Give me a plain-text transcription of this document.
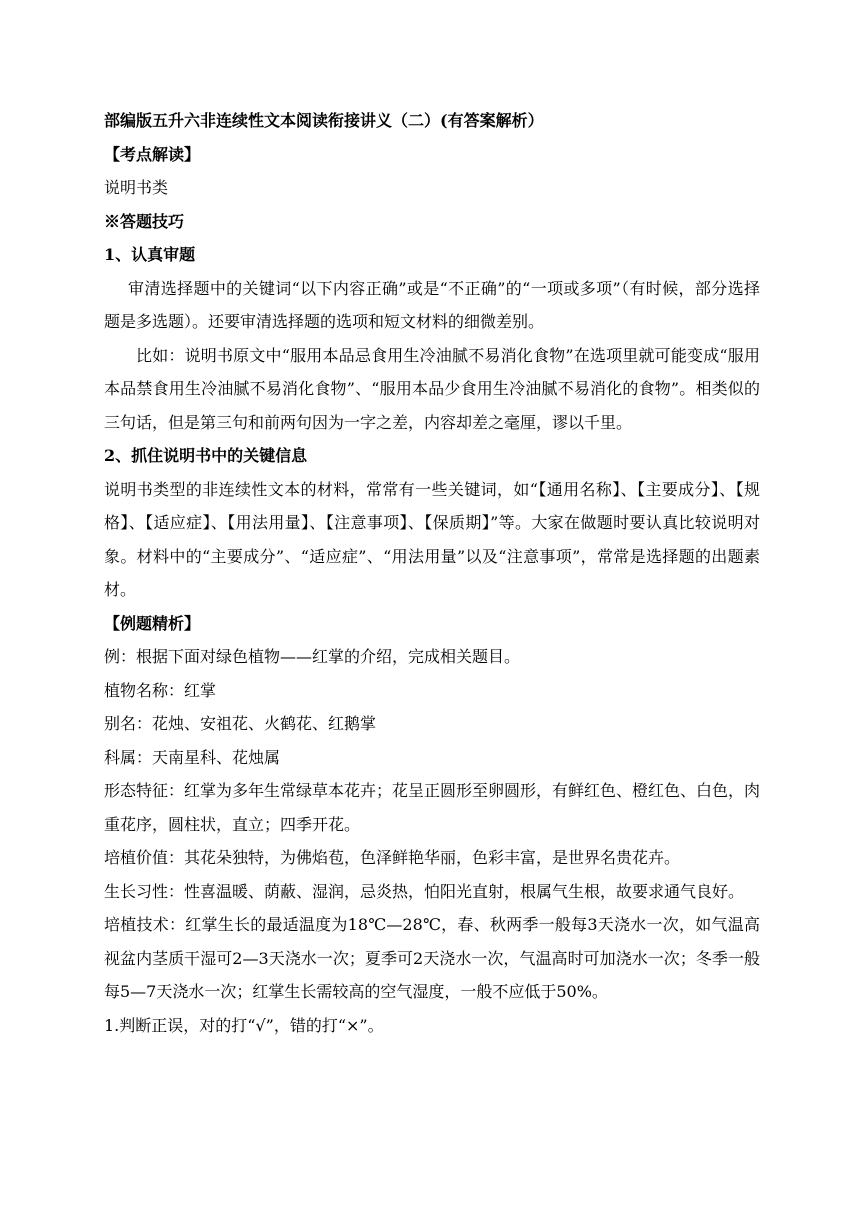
部编版五升六非连续性文本阅读衔接讲义（二）(有答案解析）

【考点解读】

说明书类

※答题技巧

1、认真审题

审清选择题中的关键词“以下内容正确”或是“不正确”的“一项或多项”（有时候，部分选择题是多选题）。还要审清选择题的选项和短文材料的细微差别。

比如：说明书原文中“服用本品忌食用生冷油腻不易消化食物”在选项里就可能变成“服用本品禁食用生冷油腻不易消化食物”、“服用本品少食用生冷油腻不易消化的食物”。相类似的三句话，但是第三句和前两句因为一字之差，内容却差之毫厘，谬以千里。

2、抓住说明书中的关键信息

说明书类型的非连续性文本的材料，常常有一些关键词，如“【通用名称】、【主要成分】、【规格】、【适应症】、【用法用量】、【注意事项】、【保质期】”等。大家在做题时要认真比较说明对象。材料中的“主要成分”、“适应症”、“用法用量”以及“注意事项”，常常是选择题的出题素材。

【例题精析】

例：根据下面对绿色植物——红掌的介绍，完成相关题目。

植物名称：红掌

别名：花烛、安祖花、火鹤花、红鹅掌

科属：天南星科、花烛属

形态特征：红掌为多年生常绿草本花卉；花呈正圆形至卵圆形，有鲜红色、橙红色、白色，肉重花序，圆柱状，直立；四季开花。

培植价值：其花朵独特，为佛焰苞，色泽鲜艳华丽，色彩丰富，是世界名贵花卉。

生长习性：性喜温暖、荫蔽、湿润，忌炎热，怕阳光直射，根属气生根，故要求通气良好。

培植技术：红掌生长的最适温度为18℃—28℃，春、秋两季一般每3天浇水一次，如气温高视盆内茎质干湿可2—3天浇水一次；夏季可2天浇水一次，气温高时可加浇水一次；冬季一般每5—7天浇水一次；红掌生长需较高的空气湿度，一般不应低于50%。

1.判断正误，对的打“√”，错的打“×”。
